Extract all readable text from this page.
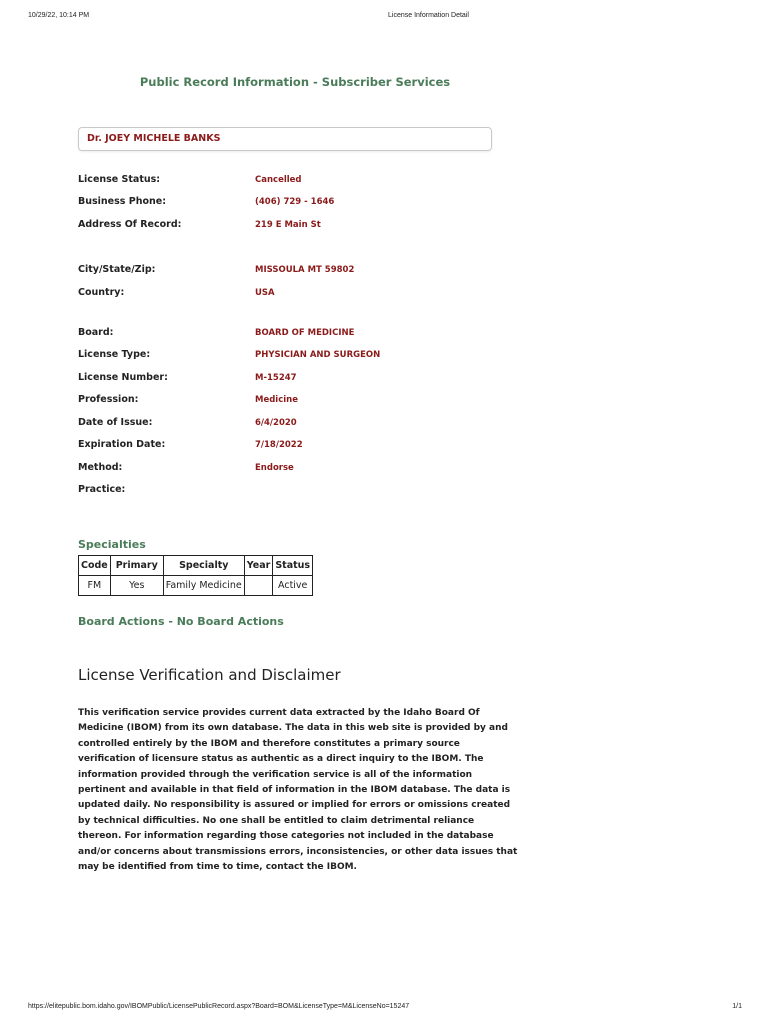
10/29/22, 10:14 PM	License Information Detail
Public Record Information - Subscriber Services
Dr. JOEY MICHELE BANKS
License Status:	Cancelled
Business Phone:	(406) 729 - 1646
Address Of Record:	219 E Main St
City/State/Zip:	MISSOULA MT 59802
Country:	USA
Board:	BOARD OF MEDICINE
License Type:	PHYSICIAN AND SURGEON
License Number:	M-15247
Profession:	Medicine
Date of Issue:	6/4/2020
Expiration Date:	7/18/2022
Method:	Endorse
Practice:
Specialties
Code	Primary	Specialty	Year	Status
FM	Yes	Family Medicine		Active
Board Actions - No Board Actions
License Verification and Disclaimer
This verification service provides current data extracted by the Idaho Board Of Medicine (IBOM) from its own database. The data in this web site is provided by and controlled entirely by the IBOM and therefore constitutes a primary source verification of licensure status as authentic as a direct inquiry to the IBOM. The information provided through the verification service is all of the information pertinent and available in that field of information in the IBOM database. The data is updated daily. No responsibility is assured or implied for errors or omissions created by technical difficulties. No one shall be entitled to claim detrimental reliance thereon. For information regarding those categories not included in the database and/or concerns about transmissions errors, inconsistencies, or other data issues that may be identified from time to time, contact the IBOM.
https://elitepublic.bom.idaho.gov/IBOMPublic/LicensePublicRecord.aspx?Board=BOM&LicenseType=M&LicenseNo=15247	1/1
